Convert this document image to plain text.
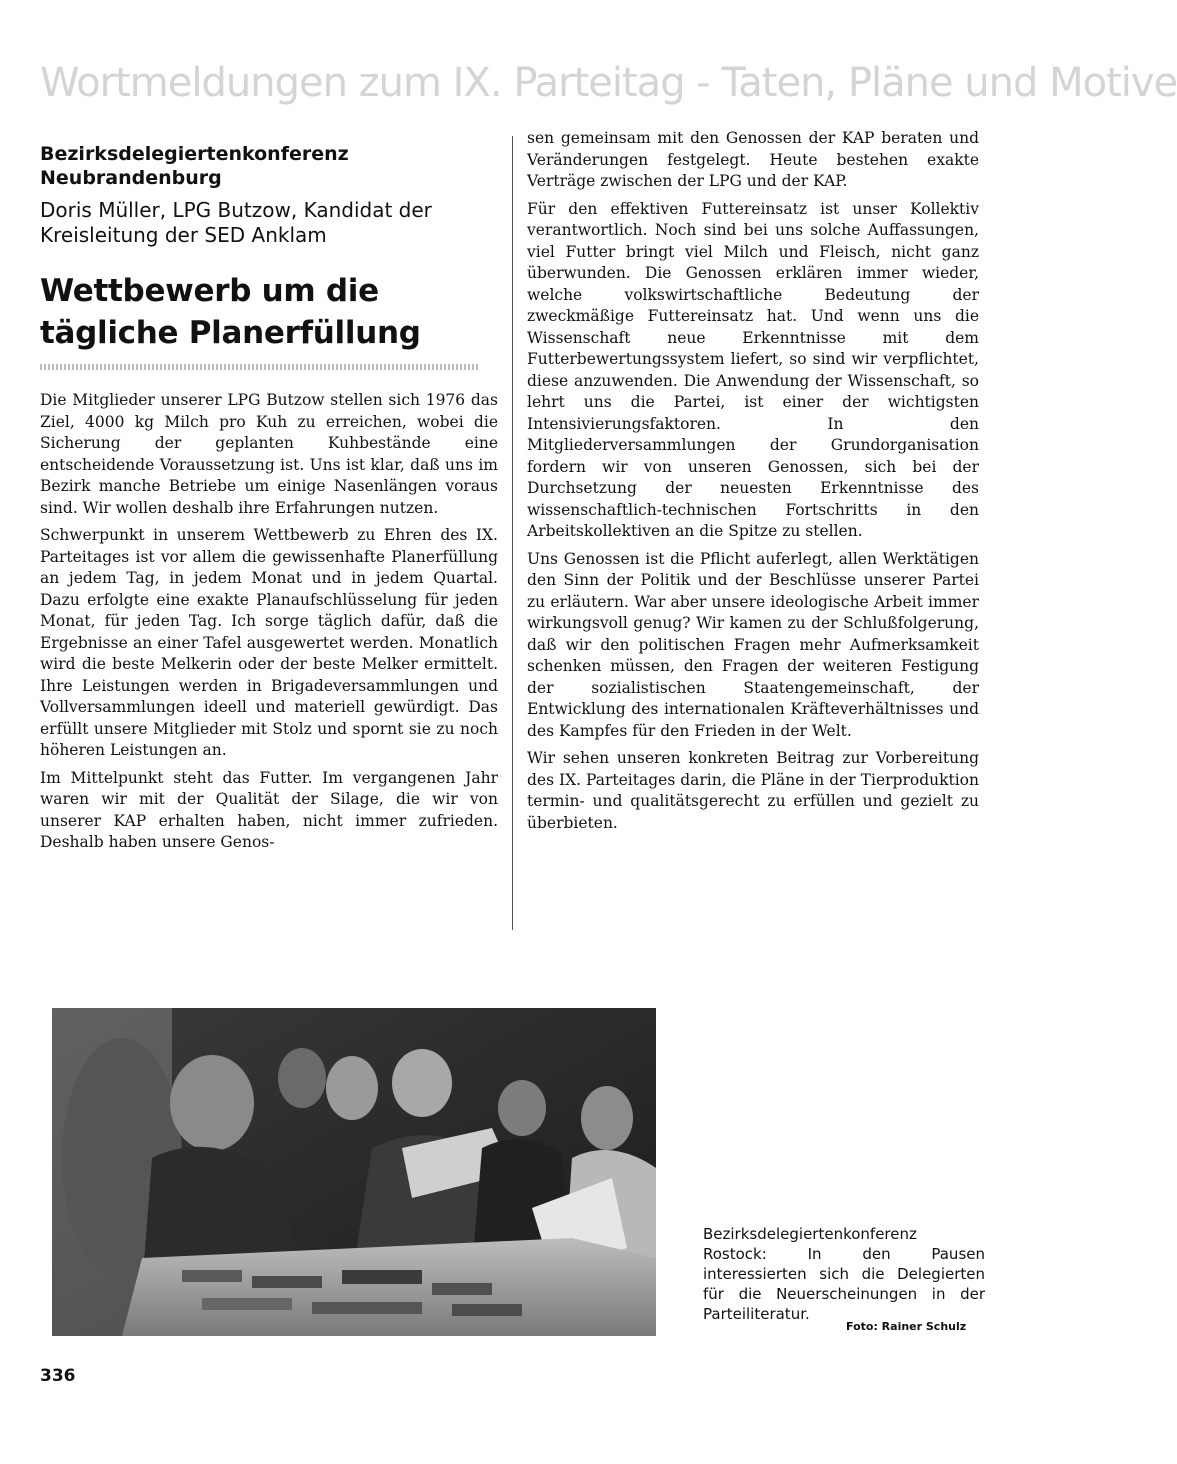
Wortmeldungen zum IX. Parteitag - Taten, Pläne und Motive
Bezirksdelegiertenkonferenz
Neubrandenburg
Doris Müller, LPG Butzow, Kandidat der Kreisleitung der SED Anklam
Wettbewerb um die
tägliche Planerfüllung

Die Mitglieder unserer LPG Butzow stellen sich 1976 das Ziel, 4000 kg Milch pro Kuh zu erreichen, wobei die Sicherung der geplanten Kuhbestände eine entscheidende Voraussetzung ist. Uns ist klar, daß uns im Bezirk manche Betriebe um einige Nasenlängen voraus sind. Wir wollen deshalb ihre Erfahrungen nutzen.

Schwerpunkt in unserem Wettbewerb zu Ehren des IX. Parteitages ist vor allem die gewissenhafte Planerfüllung an jedem Tag, in jedem Monat und in jedem Quartal. Dazu erfolgte eine exakte Planaufschlüsselung für jeden Monat, für jeden Tag. Ich sorge täglich dafür, daß die Ergebnisse an einer Tafel ausgewertet werden. Monatlich wird die beste Melkerin oder der beste Melker ermittelt. Ihre Leistungen werden in Brigadeversammlungen und Vollversammlungen ideell und materiell gewürdigt. Das erfüllt unsere Mitglieder mit Stolz und spornt sie zu noch höheren Leistungen an.

Im Mittelpunkt steht das Futter. Im vergangenen Jahr waren wir mit der Qualität der Silage, die wir von unserer KAP erhalten haben, nicht immer zufrieden. Deshalb haben unsere Genos-

sen gemeinsam mit den Genossen der KAP beraten und Veränderungen festgelegt. Heute bestehen exakte Verträge zwischen der LPG und der KAP.

Für den effektiven Futtereinsatz ist unser Kollektiv verantwortlich. Noch sind bei uns solche Auffassungen, viel Futter bringt viel Milch und Fleisch, nicht ganz überwunden. Die Genossen erklären immer wieder, welche volkswirtschaftliche Bedeutung der zweckmäßige Futtereinsatz hat. Und wenn uns die Wissenschaft neue Erkenntnisse mit dem Futterbewertungssystem liefert, so sind wir verpflichtet, diese anzuwenden. Die Anwendung der Wissenschaft, so lehrt uns die Partei, ist einer der wichtigsten Intensivierungsfaktoren. In den Mitgliederversammlungen der Grundorganisation fordern wir von unseren Genossen, sich bei der Durchsetzung der neuesten Erkenntnisse des wissenschaftlich-technischen Fortschritts in den Arbeitskollektiven an die Spitze zu stellen.

Uns Genossen ist die Pflicht auferlegt, allen Werktätigen den Sinn der Politik und der Beschlüsse unserer Partei zu erläutern. War aber unsere ideologische Arbeit immer wirkungsvoll genug? Wir kamen zu der Schlußfolgerung, daß wir den politischen Fragen mehr Aufmerksamkeit schenken müssen, den Fragen der weiteren Festigung der sozialistischen Staatengemeinschaft, der Entwicklung des internationalen Kräfteverhältnisses und des Kampfes für den Frieden in der Welt.

Wir sehen unseren konkreten Beitrag zur Vorbereitung des IX. Parteitages darin, die Pläne in der Tierproduktion termin- und qualitätsgerecht zu erfüllen und gezielt zu überbieten.

Bezirksdelegiertenkonferenz Rostock: In den Pausen interessierten sich die Delegierten für die Neuerscheinungen in der Parteiliteratur.

Foto: Rainer Schulz
336
